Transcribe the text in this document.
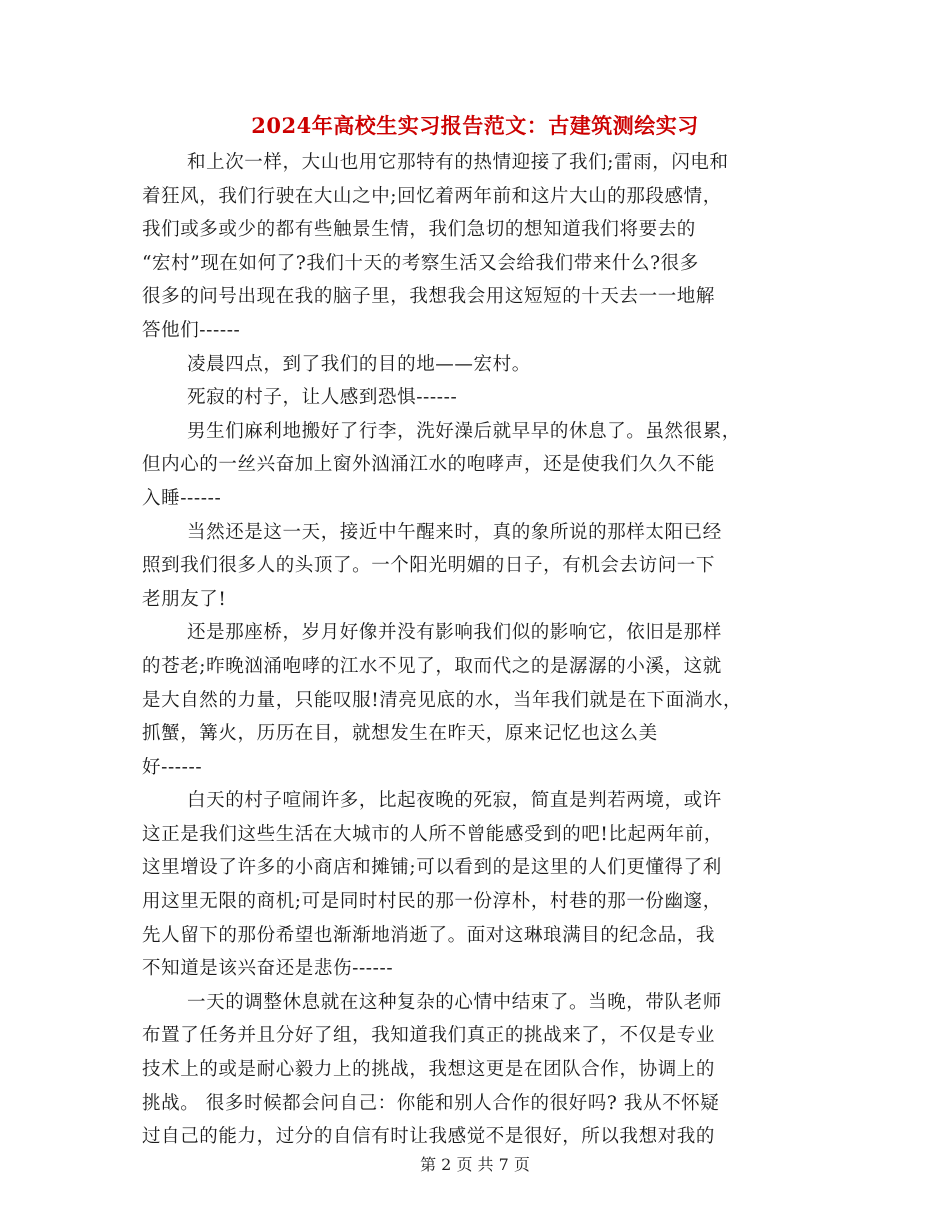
2024年高校生实习报告范文：古建筑测绘实习
和上次一样，大山也用它那特有的热情迎接了我们;雷雨，闪电和
着狂风，我们行驶在大山之中;回忆着两年前和这片大山的那段感情，
我们或多或少的都有些触景生情，我们急切的想知道我们将要去的
“宏村”现在如何了?我们十天的考察生活又会给我们带来什么?很多
很多的问号出现在我的脑子里，我想我会用这短短的十天去一一地解
答他们------
凌晨四点，到了我们的目的地——宏村。
死寂的村子，让人感到恐惧------
男生们麻利地搬好了行李，洗好澡后就早早的休息了。虽然很累，
但内心的一丝兴奋加上窗外汹涌江水的咆哮声，还是使我们久久不能
入睡------
当然还是这一天，接近中午醒来时，真的象所说的那样太阳已经
照到我们很多人的头顶了。一个阳光明媚的日子，有机会去访问一下
老朋友了!
还是那座桥，岁月好像并没有影响我们似的影响它，依旧是那样
的苍老;昨晚汹涌咆哮的江水不见了，取而代之的是潺潺的小溪，这就
是大自然的力量，只能叹服!清亮见底的水，当年我们就是在下面淌水，
抓蟹，篝火，历历在目，就想发生在昨天，原来记忆也这么美
好------
白天的村子喧闹许多，比起夜晚的死寂，简直是判若两境，或许
这正是我们这些生活在大城市的人所不曾能感受到的吧!比起两年前，
这里增设了许多的小商店和摊铺;可以看到的是这里的人们更懂得了利
用这里无限的商机;可是同时村民的那一份淳朴，村巷的那一份幽邃，
先人留下的那份希望也渐渐地消逝了。面对这琳琅满目的纪念品，我
不知道是该兴奋还是悲伤------
一天的调整休息就在这种复杂的心情中结束了。当晚，带队老师
布置了任务并且分好了组，我知道我们真正的挑战来了，不仅是专业
技术上的或是耐心毅力上的挑战，我想这更是在团队合作，协调上的
挑战。 很多时候都会问自己：你能和别人合作的很好吗? 我从不怀疑
过自己的能力，过分的自信有时让我感觉不是很好，所以我想对我的
第 2 页 共 7 页
